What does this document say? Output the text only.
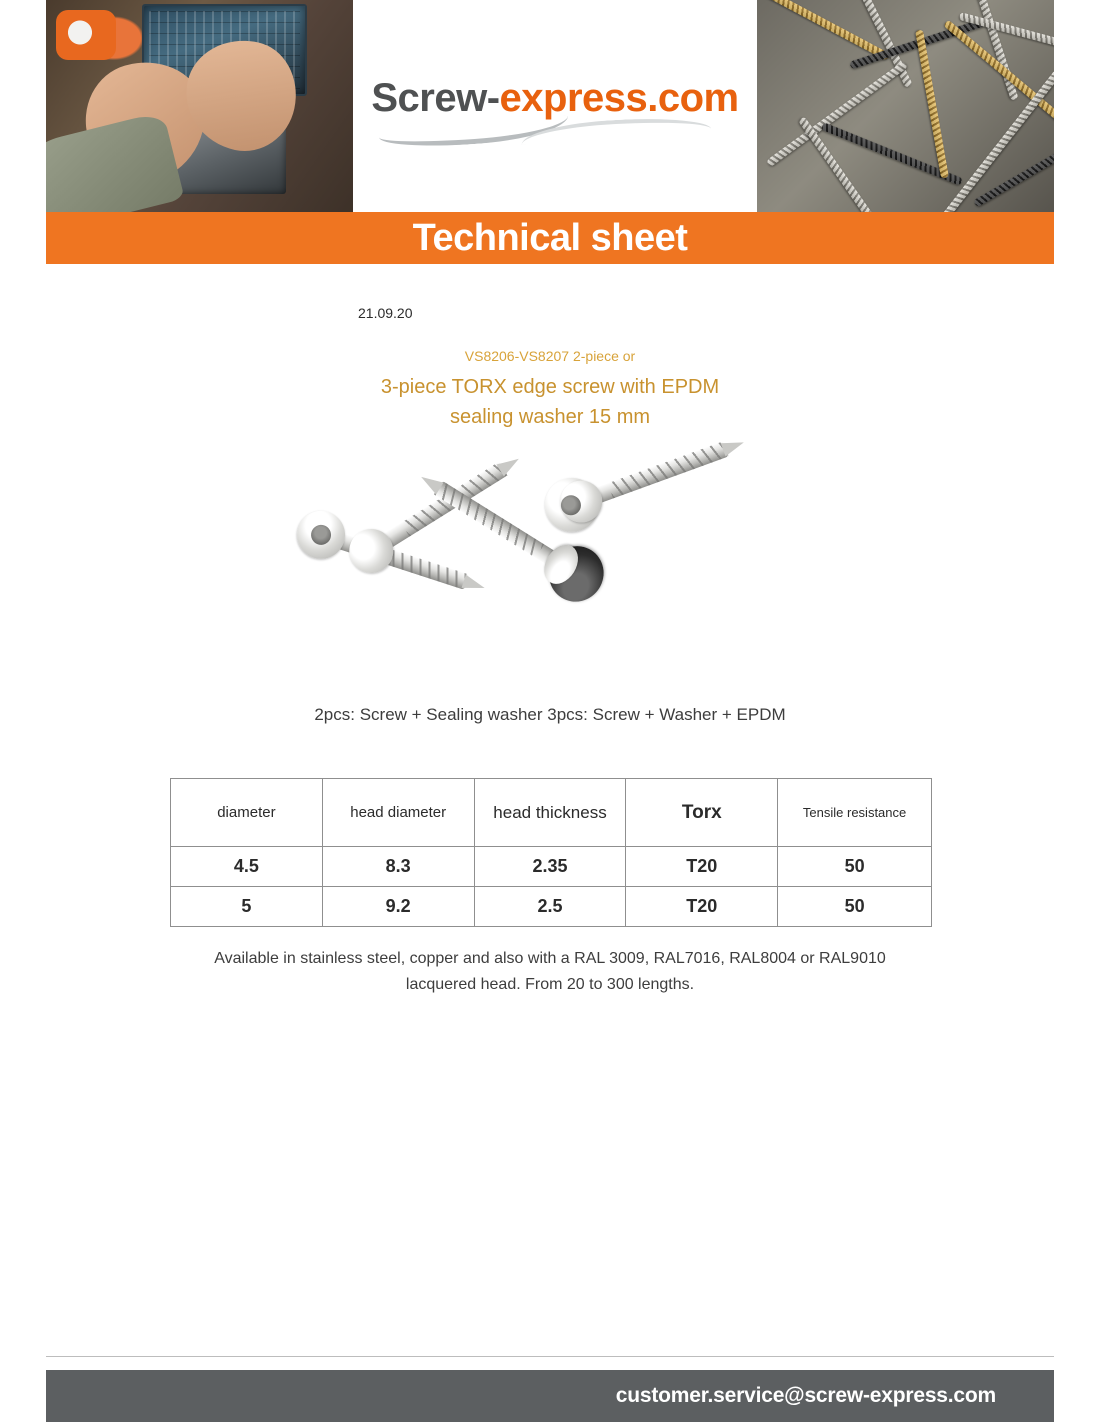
Screw-express.com
Technical sheet
21.09.20
VS8206-VS8207 2-piece or
3-piece TORX edge screw with EPDM
sealing washer 15 mm
2pcs: Screw + Sealing washer 3pcs: Screw + Washer + EPDM
diameter	head diameter	head thickness	Torx	Tensile resistance
4.5	8.3	2.35	T20	50
5	9.2	2.5	T20	50
Available in stainless steel, copper and also with a RAL 3009, RAL7016, RAL8004 or RAL9010
lacquered head. From 20 to 300 lengths.
customer.service@screw-express.com
